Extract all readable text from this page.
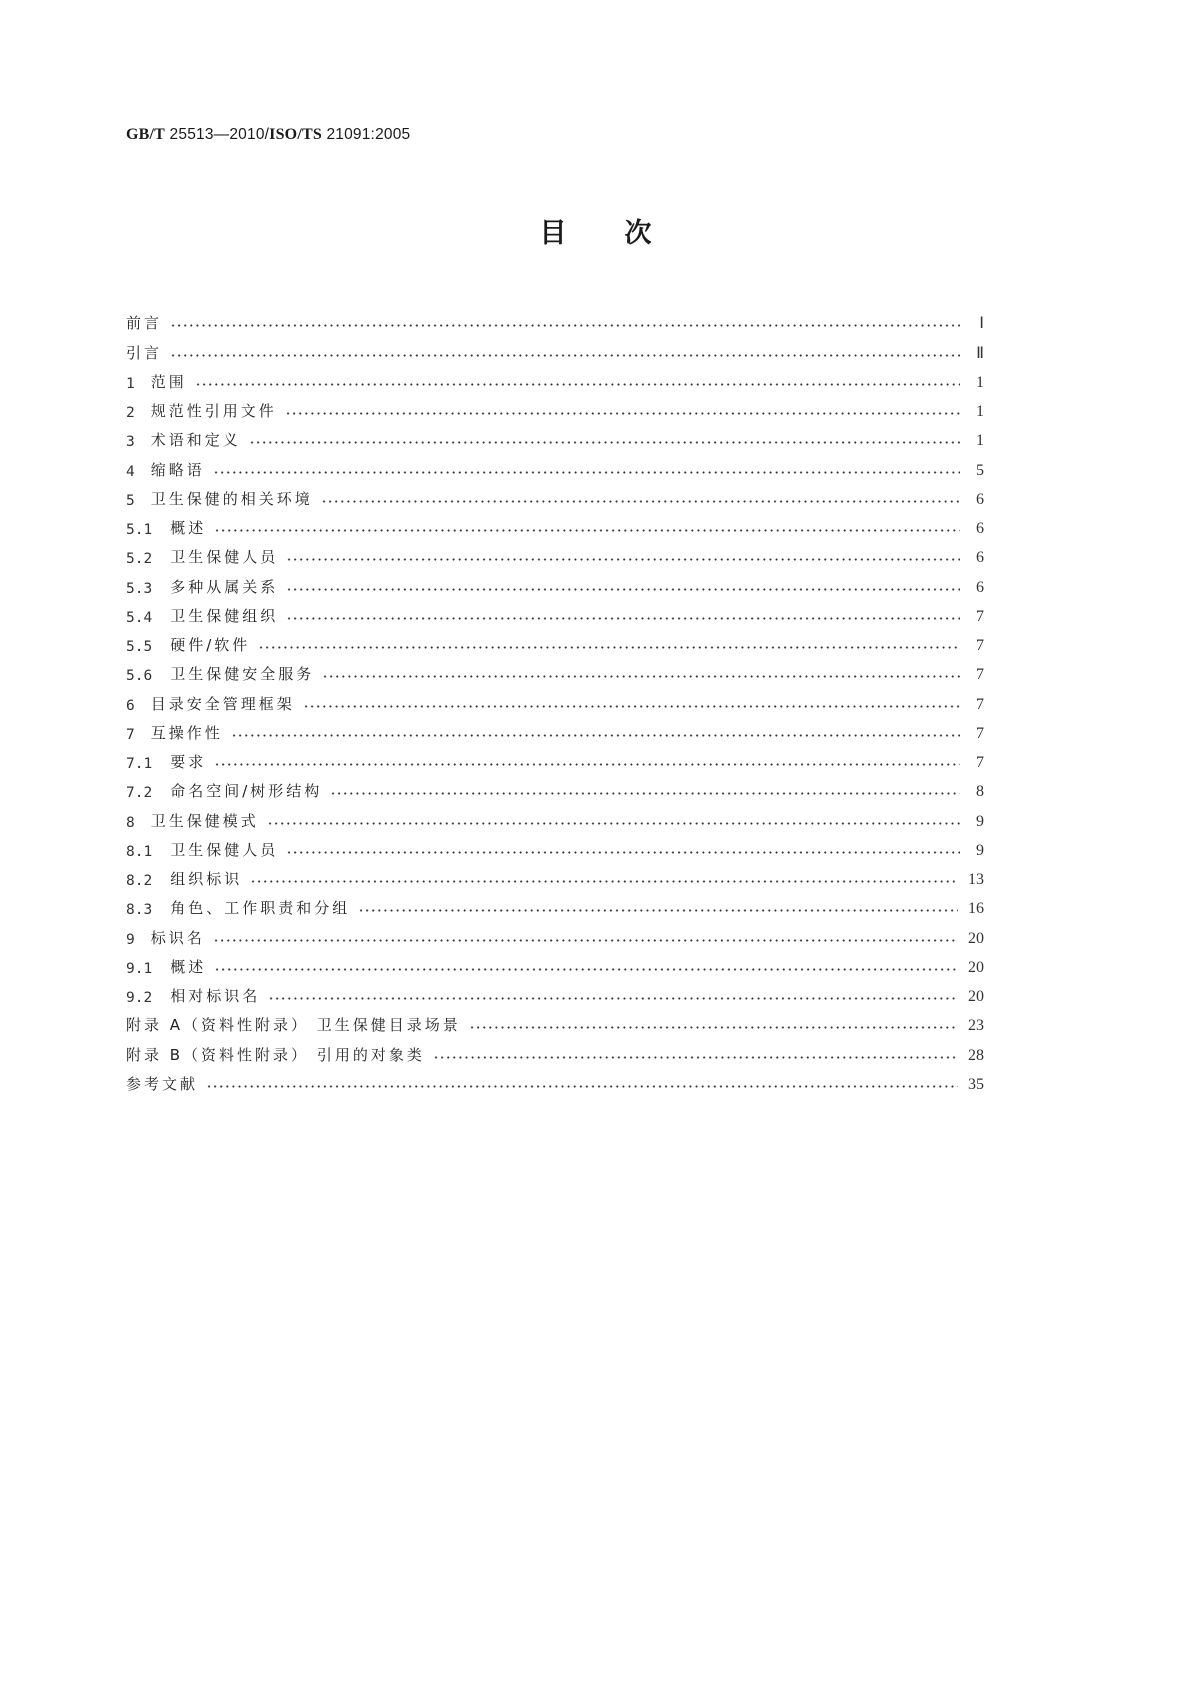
GB/T 25513—2010/ISO/TS 21091:2005
目 次
前言	Ⅰ
引言	Ⅱ
1 范围	1
2 规范性引用文件	1
3 术语和定义	1
4 缩略语	5
5 卫生保健的相关环境	6
5.1 概述	6
5.2 卫生保健人员	6
5.3 多种从属关系	6
5.4 卫生保健组织	7
5.5 硬件/软件	7
5.6 卫生保健安全服务	7
6 目录安全管理框架	7
7 互操作性	7
7.1 要求	7
7.2 命名空间/树形结构	8
8 卫生保健模式	9
8.1 卫生保健人员	9
8.2 组织标识	13
8.3 角色、工作职责和分组	16
9 标识名	20
9.1 概述	20
9.2 相对标识名	20
附录 A（资料性附录） 卫生保健目录场景	23
附录 B（资料性附录） 引用的对象类	28
参考文献	35
